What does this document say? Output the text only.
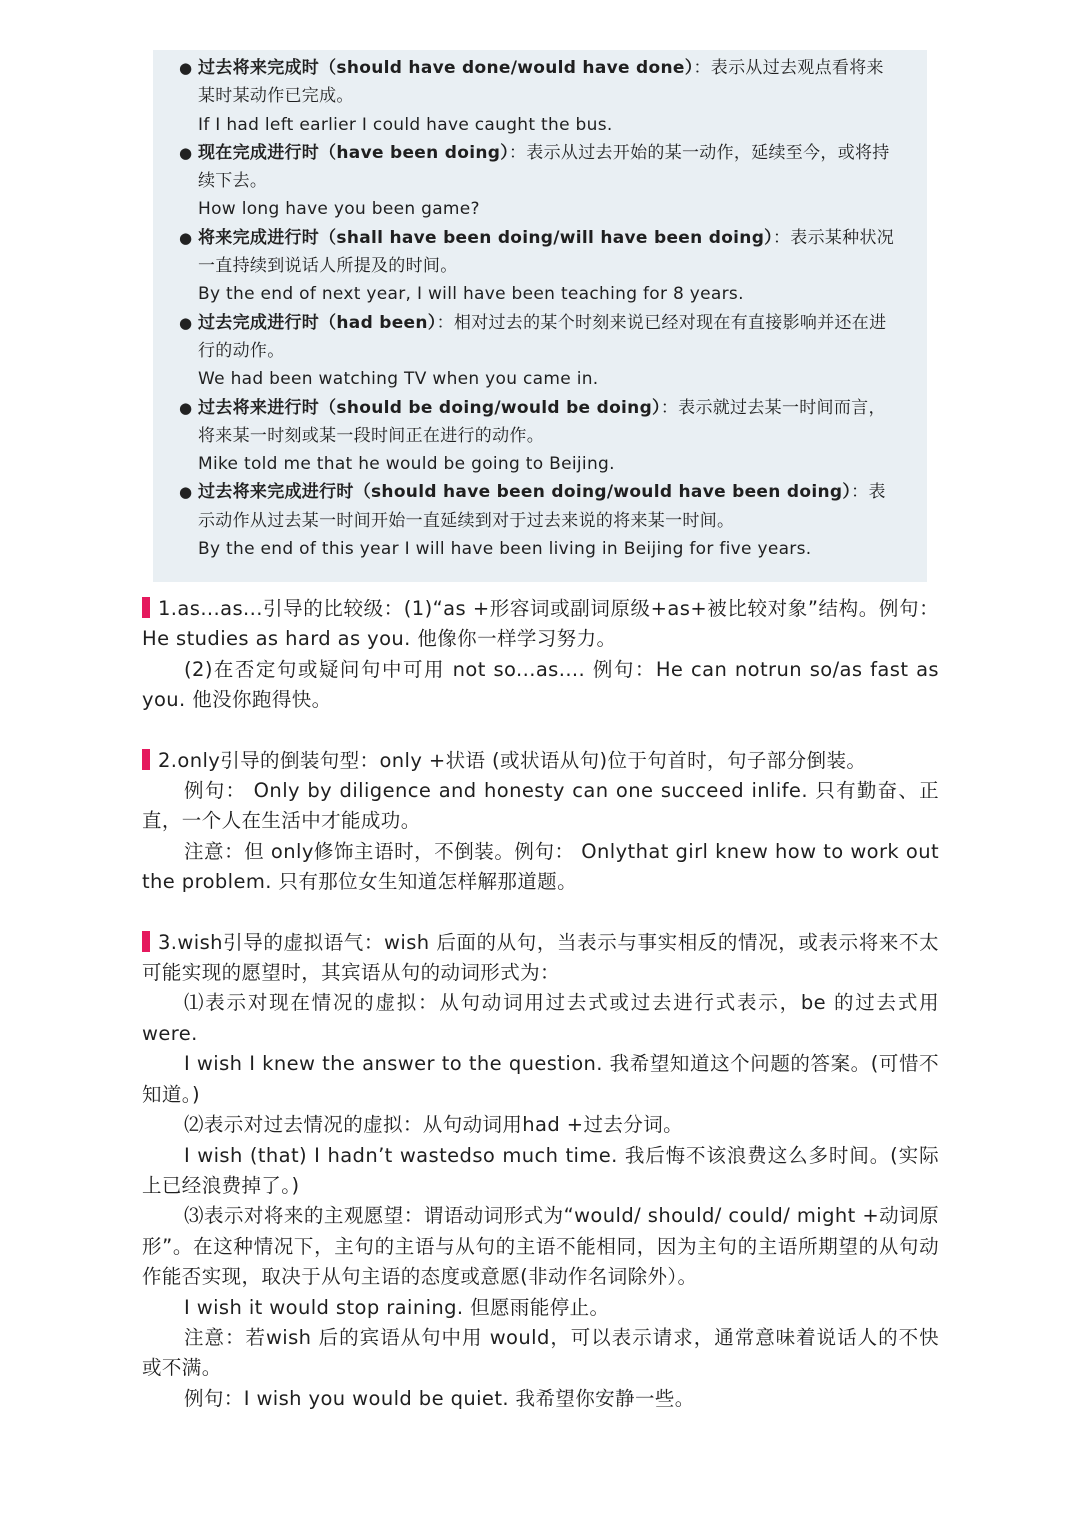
● 过去将来完成时（should have done/would have done）：表示从过去观点看将来某时某动作已完成。
If I had left earlier I could have caught the bus.
● 现在完成进行时（have been doing）：表示从过去开始的某一动作，延续至今，或将持续下去。
How long have you been game?
● 将来完成进行时（shall have been doing/will have been doing）：表示某种状况一直持续到说话人所提及的时间。
By the end of next year, I will have been teaching for 8 years.
● 过去完成进行时（had been）：相对过去的某个时刻来说已经对现在有直接影响并还在进行的动作。
We had been watching TV when you came in.
● 过去将来进行时（should be doing/would be doing）：表示就过去某一时间而言，将来某一时刻或某一段时间正在进行的动作。
Mike told me that he would be going to Beijing.
● 过去将来完成进行时（should have been doing/would have been doing）：表示动作从过去某一时间开始一直延续到对于过去来说的将来某一时间。
By the end of this year I will have been living in Beijing for five years.

1.as...as...引导的比较级：(1)“as +形容词或副词原级+as+被比较对象”结构。例句： He studies as hard as you. 他像你一样学习努力。

(2)在否定句或疑问句中可用 not so...as.... 例句：He can notrun so/as fast as you. 他没你跑得快。

2.only引导的倒装句型：only +状语 (或状语从句)位于句首时，句子部分倒装。

例句： Only by diligence and honesty can one succeed inlife. 只有勤奋、正直，一个人在生活中才能成功。

注意：但 only修饰主语时，不倒装。例句： Onlythat girl knew how to work out the problem. 只有那位女生知道怎样解那道题。

3.wish引导的虚拟语气：wish 后面的从句，当表示与事实相反的情况，或表示将来不太可能实现的愿望时，其宾语从句的动词形式为：

⑴表示对现在情况的虚拟：从句动词用过去式或过去进行式表示，be 的过去式用were.

I wish I knew the answer to the question. 我希望知道这个问题的答案。(可惜不知道。)

⑵表示对过去情况的虚拟：从句动词用had +过去分词。

I wish (that) I hadn’t wastedso much time. 我后悔不该浪费这么多时间。(实际上已经浪费掉了。)

⑶表示对将来的主观愿望：谓语动词形式为“would/ should/ could/ might +动词原形”。在这种情况下，主句的主语与从句的主语不能相同，因为主句的主语所期望的从句动作能否实现，取决于从句主语的态度或意愿(非动作名词除外）。

I wish it would stop raining. 但愿雨能停止。

注意：若wish 后的宾语从句中用 would，可以表示请求，通常意味着说话人的不快或不满。

例句：I wish you would be quiet. 我希望你安静一些。
